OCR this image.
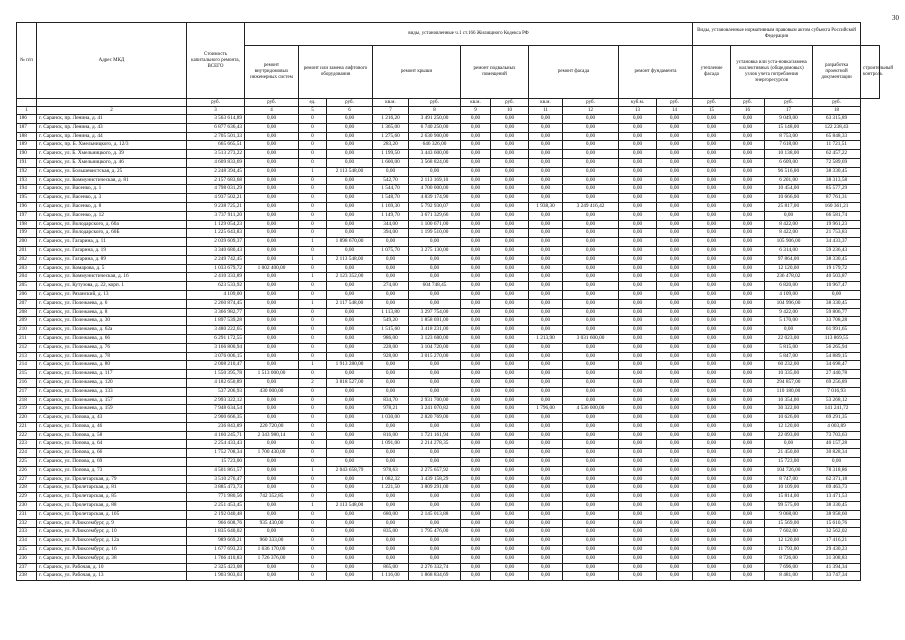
30
№ п/п	Адрес МКД	Стоимость капитального ремонта, ВСЕГО	виды, установленные ч.1 ст.166 Жилищного Кодекса РФ											Виды, установленные нормативным правовым актом субъекта Российской Федерации				
			ремонт внутридомовых инженерных систем	ремонт или замена лифтового оборудования		ремонт крыши		ремонт подвальных помещений		ремонт фасада		ремонт фундамента		утепление фасада	установка или уста-новка/замена коллективных (общедомовых) узлов учета потребления энергоресурсов		разработка проектной документации	строительный контроль
		руб.	руб.	ед.	руб.	кв.м.	руб.	кв.м.	руб.	кв.м.	руб.	куб.м.	руб.	руб.	руб.	руб.	руб.	
1	2	3	4	5	6	7	8	9	10	11	12	13	14	15	16	17	18	
186	г. Саранск, пр. Ленина, д. 41	3 563 614,89	0,00	0	0,00	1 216,20	3 491 250,00	0,00	0,00	0,00	0,00	0,00	0,00	0,00	0,00	9 049,00	63 315,89	
187	г. Саранск, пр. Ленина, д. 43	6 877 636,43	0,00	0	0,00	1 365,00	6 740 250,00	0,00	0,00	0,00	0,00	0,00	0,00	0,00	0,00	15 148,00	122 238,43	
188	г. Саранск, пр. Ленина, д. 44	2 705 501,33	0,00	0	0,00	1 275,60	2 630 900,00	0,00	0,00	0,00	0,00	0,00	0,00	0,00	0,00	8 753,00	65 848,33	
189	г. Саранск, пр. Б. Хмельницкого, д. 12/3	665 665,51	0,00	0	0,00	283,20	646 326,00	0,00	0,00	0,00	0,00	0,00	0,00	0,00	0,00	7 618,00	11 721,51	
190	г. Саранск, ул. Б. Хмельницкого, д. 39	3 513 273,22	0,00	0	0,00	1 199,50	3 443 600,00	0,00	0,00	0,00	0,00	0,00	0,00	0,00	0,00	10 138,00	62 457,22	
191	г. Саранск, ул. Б. Хмельницкого, д. 46	4 609 833,69	0,00	0	0,00	1 600,00	3 568 824,00	0,00	0,00	0,00	0,00	0,00	0,00	0,00	0,00	6 609,00	72 589,69	
192	г. Саранск, ул. Большевистская, д. 25	2 248 394,45	0,00	1	2 113 548,00	0,00	0,00	0,00	0,00	0,00	0,00	0,00	0,00	0,00	0,00	96 516,00	38 330,45	
193	г. Саранск, ул. Коммунистическая, д. 81	2 157 683,68	0,00	0	0,00	542,70	2 113 169,10	0,00	0,00	0,00	0,00	0,00	0,00	0,00	0,00	6 201,00	38 313,58	
194	г. Саранск, ул. Васенко, д. 1	4 798 031,29	0,00	0	0,00	1 544,70	4 700 000,00	0,00	0,00	0,00	0,00	0,00	0,00	0,00	0,00	10 454,00	85 577,29	
195	г. Саранск, ул. Васенко, д. 3	4 937 502,21	0,00	0	0,00	1 548,70	4 839 174,90	0,00	0,00	0,00	0,00	0,00	0,00	0,00	0,00	10 666,00	87 761,31	
196	г. Саранск, ул. Васенко, д. 8	9 238 725,21	0,00	0	0,00	1 169,30	5 792 930,07	0,00	0,00	1 938,30	3 249 416,42	0,00	0,00	0,00	0,00	25 817,00	160 361,21	
197	г. Саранск, ул. Васенко, д. 12	3 737 911,20	0,00	0	0,00	1 149,70	3 671 329,66	0,00	0,00	0,00	0,00	0,00	0,00	0,00	0,00	0,00	66 581,74	
198	г. Саранск, ул. Володарского, д. 60а	1 129 054,23	0,00	0	0,00	344,00	1 100 671,00	0,00	0,00	0,00	0,00	0,00	0,00	0,00	0,00	8 422,00	19 961,23	
199	г. Саранск, ул. Володарского, д. 60Б	1 225 643,83	0,00	0	0,00	394,00	1 199 510,00	0,00	0,00	0,00	0,00	0,00	0,00	0,00	0,00	8 422,00	21 753,83	
200	г. Саранск, ул. Гагарина, д. 11	2 039 609,37	0,00	1	1 898 670,00	0,00	0,00	0,00	0,00	0,00	0,00	0,00	0,00	0,00	0,00	105 906,00	34 433,37	
201	г. Саранск, ул. Гагарина, д. 19	3 340 680,43	0,00	0	0,00	1 075,70	3 275 130,00	0,00	0,00	0,00	0,00	0,00	0,00	0,00	0,00	6 314,00	59 236,43	
202	г. Саранск, ул. Гагарина, д. 89	2 249 742,45	0,00	1	2 113 548,00	0,00	0,00	0,00	0,00	0,00	0,00	0,00	0,00	0,00	0,00	97 864,00	38 330,45	
203	г. Саранск, ул. Комарова, д. 5	1 033 679,72	1 002 400,00	0	0,00	0,00	0,00	0,00	0,00	0,00	0,00	0,00	0,00	0,00	0,00	12 120,00	19 179,72	
204	г. Саранск, ул. Коммунистическая, д. 16	2 410 333,89	0,00	1	2 123 352,00	0,00	0,00	0,00	0,00	0,00	0,00	0,00	0,00	0,00	0,00	236 478,02	40 503,87	
205	г. Саранск, ул. Кутузова, д. 22, корп. 1	623 533,92	0,00	0	0,00	274,00	604 748,45	0,00	0,00	0,00	0,00	0,00	0,00	0,00	0,00	6 820,00	10 967,47	
206	г. Саранск, ул. Рязанский, д. 13	4 109,00	0,00	0	0,00	0,00	0,00	0,00	0,00	0,00	0,00	0,00	0,00	0,00	0,00	4 109,00	0,00	
207	г. Саранск, ул. Полежаева, д. 6	2 260 874,45	0,00	1	2 117 548,00	0,00	0,00	0,00	0,00	0,00	0,00	0,00	0,00	0,00	0,00	104 996,00	38 330,45	
208	г. Саранск, ул. Полежаева, д. 8	3 366 982,77	0,00	0	0,00	1 113,80	3 297 754,00	0,00	0,00	0,00	0,00	0,00	0,00	0,00	0,00	9 422,00	59 806,77	
209	г. Саранск, ул. Полежаева, д. 30	1 897 539,28	0,00	0	0,00	549,20	1 858 691,00	0,00	0,00	0,00	0,00	0,00	0,00	0,00	0,00	5 170,00	33 708,28	
210	г. Саранск, ул. Полежаева, д. 62а	3 480 222,65	0,00	0	0,00	1 515,60	3 418 231,00	0,00	0,00	0,00	0,00	0,00	0,00	0,00	0,00	0,00	61 991,65	
211	г. Саранск, ул. Полежаева, д. 66	6 291 172,55	0,00	0	0,00	986,00	3 123 680,00	0,00	0,00	1 213,90	3 031 600,00	0,00	0,00	0,00	0,00	22 023,00	113 869,55	
212	г. Саранск, ул. Полежаева, д. 76	3 166 800,94	0,00	0	0,00	228,00	3 104 720,00	0,00	0,00	0,00	0,00	0,00	0,00	0,00	0,00	5 815,00	56 265,94	
213	г. Саранск, ул. Полежаева, д. 78	3 076 006,15	0,00	0	0,00	928,00	3 015 270,00	0,00	0,00	0,00	0,00	0,00	0,00	0,00	0,00	5 847,00	54 889,15	
214	г. Саранск, ул. Полежаева, д. 80	2 008 210,47	0,00	1	1 913 280,00	0,00	0,00	0,00	0,00	0,00	0,00	0,00	0,00	0,00	0,00	60 232,00	34 698,47	
215	г. Саранск, ул. Полежаева, д. 117	1 550 395,78	1 513 000,00	0	0,00	0,00	0,00	0,00	0,00	0,00	0,00	0,00	0,00	0,00	0,00	10 335,00	27 440,78	
216	г. Саранск, ул. Полежаева, д. 120	4 182 650,89	0,00	2	3 818 527,00	0,00	0,00	0,00	0,00	0,00	0,00	0,00	0,00	0,00	0,00	294 857,00	69 256,89	
217	г. Саранск, ул. Полежаева, д. 133	537 206,93	430 000,00	0	0,00	0,00	0,00	0,00	0,00	0,00	0,00	0,00	0,00	0,00	0,00	110 180,00	7 016,93	
218	г. Саранск, ул. Полежаева, д. 157	2 993 322,12	0,00	0	0,00	834,70	2 931 700,00	0,00	0,00	0,00	0,00	0,00	0,00	0,00	0,00	10 354,00	53 268,12	
219	г. Саранск, ул. Полежаева, д. 159	7 948 634,54	0,00	0	0,00	978,21	3 241 070,82	0,00	0,00	1 796,00	4 536 000,00	0,00	0,00	0,00	0,00	30 322,00	141 241,72	
220	г. Саранск, ул. Попова, д. 43	2 900 666,35	0,00	0	0,00	1 030,00	2 820 769,00	0,00	0,00	0,00	0,00	0,00	0,00	0,00	0,00	10 626,00	69 291,35	
221	г. Саранск, ул. Попова, д. 46	236 843,89	220 720,00	0	0,00	0,00	0,00	0,00	0,00	0,00	0,00	0,00	0,00	0,00	0,00	12 120,00	4 003,89	
222	г. Саранск, ул. Попова, д. 58	4 160 245,71	2 343 980,14	0	0,00	816,00	1 721 161,94	0,00	0,00	0,00	0,00	0,00	0,00	0,00	0,00	22 093,00	73 703,63	
223	г. Саранск, ул. Попова, д. 64	2 254 433,43	0,00	0	0,00	1 091,00	2 214 278,35	0,00	0,00	0,00	0,00	0,00	0,00	0,00	0,00	0,00	40 157,28	
224	г. Саранск, ул. Попова, д. 66	1 752 708,34	1 700 430,00	0	0,00	0,00	0,00	0,00	0,00	0,00	0,00	0,00	0,00	0,00	0,00	21 450,00	30 828,34	
225	г. Саранск, ул. Попова, д. 69	15 723,00	0,00	0	0,00	0,00	0,00	0,00	0,00	0,00	0,00	0,00	0,00	0,00	0,00	15 723,00	0,00	
226	г. Саранск, ул. Попова, д. 73	4 501 861,57	0,00	1	2 043 658,79	978,63	2 275 657,92	0,00	0,00	0,00	0,00	0,00	0,00	0,00	0,00	104 726,00	78 318,86	
227	г. Саранск, ул. Пролетарская, д. 79	3 510 276,47	0,00	0	0,00	1 082,32	3 439 158,29	0,00	0,00	0,00	0,00	0,00	0,00	0,00	0,00	8 747,00	62 371,18	
228	г. Саранск, ул. Пролетарская, д. 81	3 885 473,73	0,00	0	0,00	1 221,50	3 809 291,00	0,00	0,00	0,00	0,00	0,00	0,00	0,00	0,00	10 109,00	69 463,73	
229	г. Саранск, ул. Пролетарская, д. 85	771 980,56	742 352,85	0	0,00	0,00	0,00	0,00	0,00	0,00	0,00	0,00	0,00	0,00	0,00	15 814,00	13 471,53	
230	г. Саранск, ул. Пролетарская, д. 88	2 251 453,45	0,00	1	2 113 548,00	0,00	0,00	0,00	0,00	0,00	0,00	0,00	0,00	0,00	0,00	99 575,00	38 330,45	
231	г. Саранск, ул. Пролетарская, д. 105	2 192 040,48	0,00	0	0,00	680,00	2 145 013,88	0,00	0,00	0,00	0,00	0,00	0,00	0,00	0,00	9 068,00	38 958,60	
232	г. Саранск, ул. Р.Люксембург, д. 9	966 608,76	935 430,00	0	0,00	0,00	0,00	0,00	0,00	0,00	0,00	0,00	0,00	0,00	0,00	15 569,00	15 610,76	
233	г. Саранск, ул. Р.Люксембург, д. 10	1 835 640,02	0,00	0	0,00	835,00	1 795 476,00	0,00	0,00	0,00	0,00	0,00	0,00	0,00	0,00	7 602,00	32 562,02	
234	г. Саранск, ул. Р.Люксембург, д. 12а	989 669,21	960 333,00	0	0,00	0,00	0,00	0,00	0,00	0,00	0,00	0,00	0,00	0,00	0,00	12 120,00	17 416,21	
235	г. Саранск, ул. Р.Люксембург, д. 16	1 677 693,23	1 636 170,00	0	0,00	0,00	0,00	0,00	0,00	0,00	0,00	0,00	0,00	0,00	0,00	11 793,00	29 430,23	
236	г. Саранск, ул. Р.Люксембург, д. 38	1 766 410,83	1 726 376,00	0	0,00	0,00	0,00	0,00	0,00	0,00	0,00	0,00	0,00	0,00	0,00	8 726,00	31 308,83	
237	г. Саранск, ул. Рабочая, д. 10	2 325 423,08	0,00	0	0,00	865,00	2 276 332,74	0,00	0,00	0,00	0,00	0,00	0,00	0,00	0,00	7 696,00	41 394,34	
238	г. Саранск, ул. Рабочая, д. 13	1 903 903,03	0,00	0	0,00	1 116,00	1 868 834,69	0,00	0,00	0,00	0,00	0,00	0,00	0,00	0,00	8 481,00	33 747,34	
